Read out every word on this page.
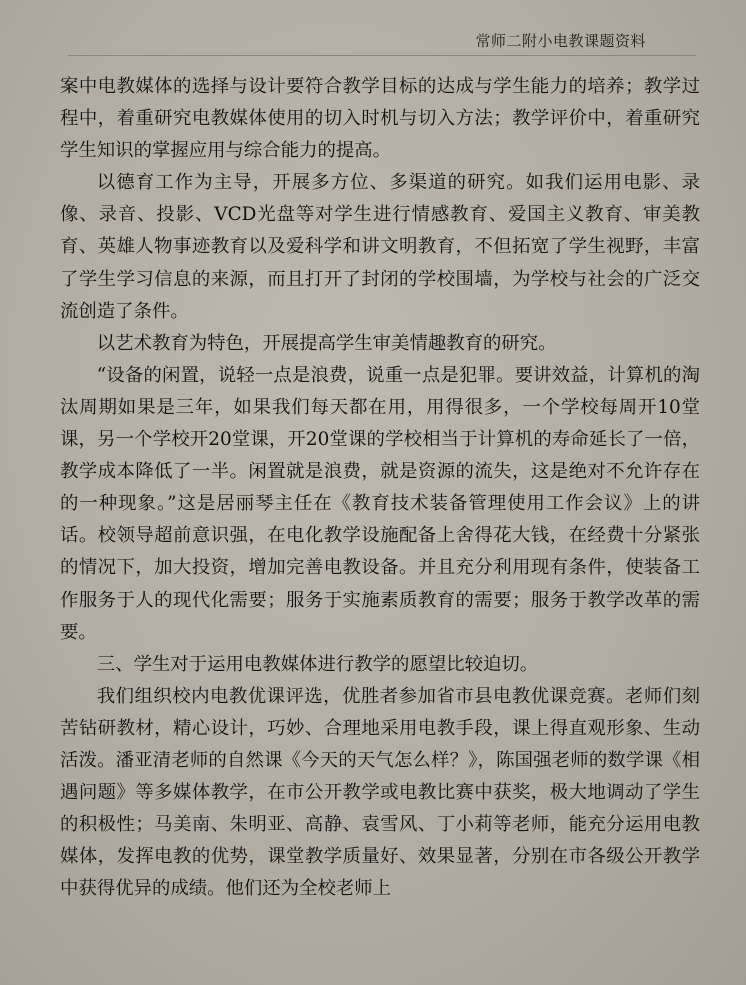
常师二附小电教课题资料

案中电教媒体的选择与设计要符合教学目标的达成与学生能力的培养；教学过程中，着重研究电教媒体使用的切入时机与切入方法；教学评价中，着重研究学生知识的掌握应用与综合能力的提高。

以德育工作为主导，开展多方位、多渠道的研究。如我们运用电影、录像、录音、投影、VCD光盘等对学生进行情感教育、爱国主义教育、审美教育、英雄人物事迹教育以及爱科学和讲文明教育，不但拓宽了学生视野，丰富了学生学习信息的来源，而且打开了封闭的学校围墙，为学校与社会的广泛交流创造了条件。

以艺术教育为特色，开展提高学生审美情趣教育的研究。

“设备的闲置，说轻一点是浪费，说重一点是犯罪。要讲效益，计算机的淘汰周期如果是三年，如果我们每天都在用，用得很多，一个学校每周开10堂课，另一个学校开20堂课，开20堂课的学校相当于计算机的寿命延长了一倍，教学成本降低了一半。闲置就是浪费，就是资源的流失，这是绝对不允许存在的一种现象。”这是居丽琴主任在《教育技术装备管理使用工作会议》上的讲话。校领导超前意识强，在电化教学设施配备上舍得花大钱，在经费十分紧张的情况下，加大投资，增加完善电教设备。并且充分利用现有条件，使装备工作服务于人的现代化需要；服务于实施素质教育的需要；服务于教学改革的需要。

三、学生对于运用电教媒体进行教学的愿望比较迫切。

我们组织校内电教优课评选，优胜者参加省市县电教优课竞赛。老师们刻苦钻研教材，精心设计，巧妙、合理地采用电教手段，课上得直观形象、生动活泼。潘亚清老师的自然课《今天的天气怎么样？》，陈国强老师的数学课《相遇问题》等多媒体教学，在市公开教学或电教比赛中获奖，极大地调动了学生的积极性；马美南、朱明亚、高静、袁雪风、丁小莉等老师，能充分运用电教媒体，发挥电教的优势，课堂教学质量好、效果显著，分别在市各级公开教学中获得优异的成绩。他们还为全校老师上
